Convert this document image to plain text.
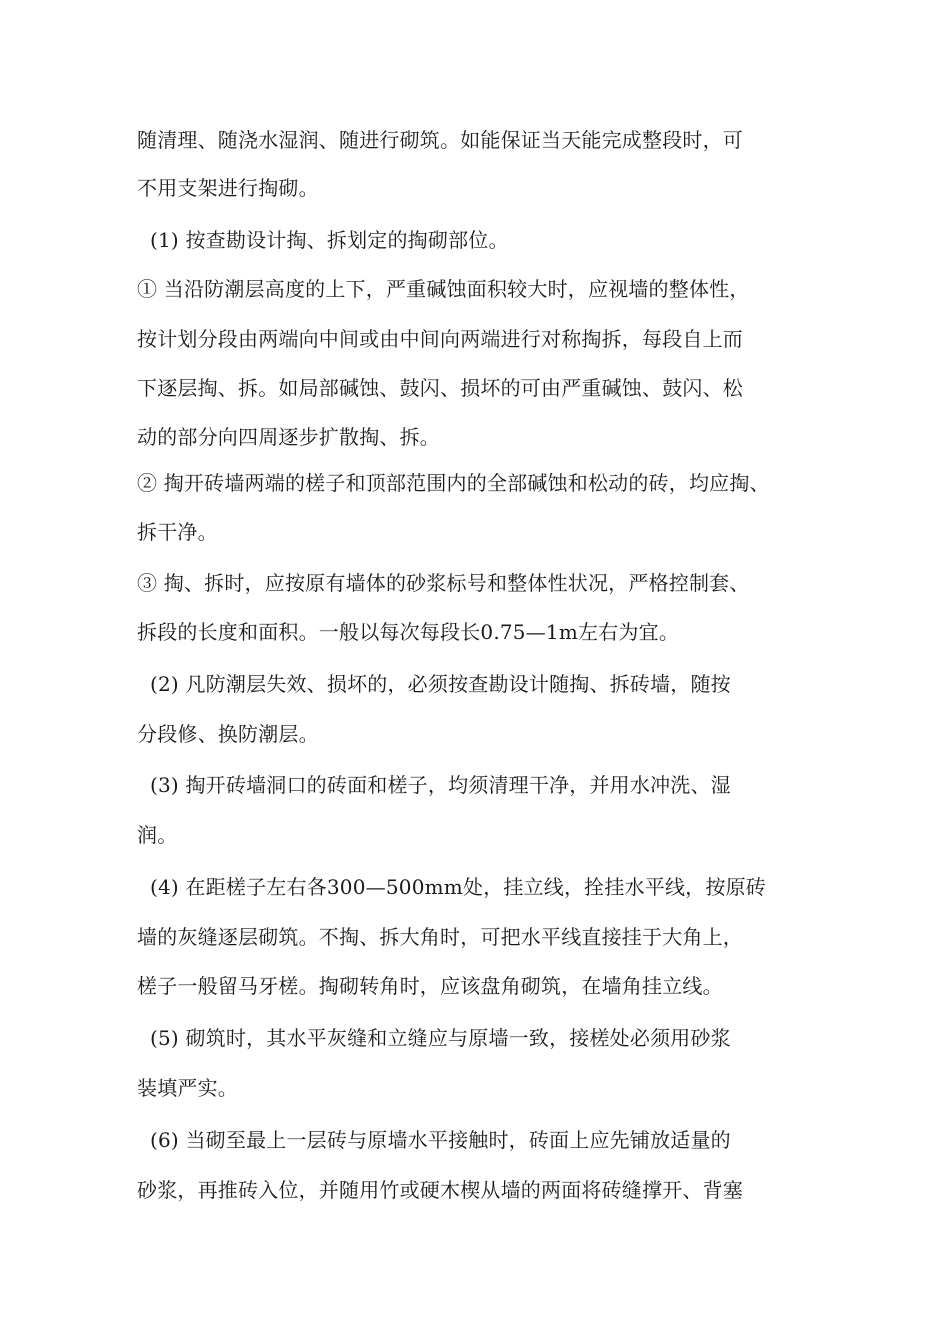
随清理、随浇水湿润、随进行砌筑。如能保证当天能完成整段时，可
不用支架进行掏砌。
(1) 按查勘设计掏、拆划定的掏砌部位。
① 当沿防潮层高度的上下，严重碱蚀面积较大时，应视墙的整体性，
按计划分段由两端向中间或由中间向两端进行对称掏拆，每段自上而
下逐层掏、拆。如局部碱蚀、鼓闪、损坏的可由严重碱蚀、鼓闪、松
动的部分向四周逐步扩散掏、拆。
② 掏开砖墙两端的槎子和顶部范围内的全部碱蚀和松动的砖，均应掏、
拆干净。
③ 掏、拆时，应按原有墙体的砂浆标号和整体性状况，严格控制套、
拆段的长度和面积。一般以每次每段长0.75—1m左右为宜。
(2) 凡防潮层失效、损坏的，必须按查勘设计随掏、拆砖墙，随按
分段修、换防潮层。
(3) 掏开砖墙洞口的砖面和槎子，均须清理干净，并用水冲洗、湿
润。
(4) 在距槎子左右各300—500mm处，挂立线，拴挂水平线，按原砖
墙的灰缝逐层砌筑。不掏、拆大角时，可把水平线直接挂于大角上，
槎子一般留马牙槎。掏砌转角时，应该盘角砌筑，在墙角挂立线。
(5) 砌筑时，其水平灰缝和立缝应与原墙一致，接槎处必须用砂浆
装填严实。
(6) 当砌至最上一层砖与原墙水平接触时，砖面上应先铺放适量的
砂浆，再推砖入位，并随用竹或硬木楔从墙的两面将砖缝撑开、背塞
